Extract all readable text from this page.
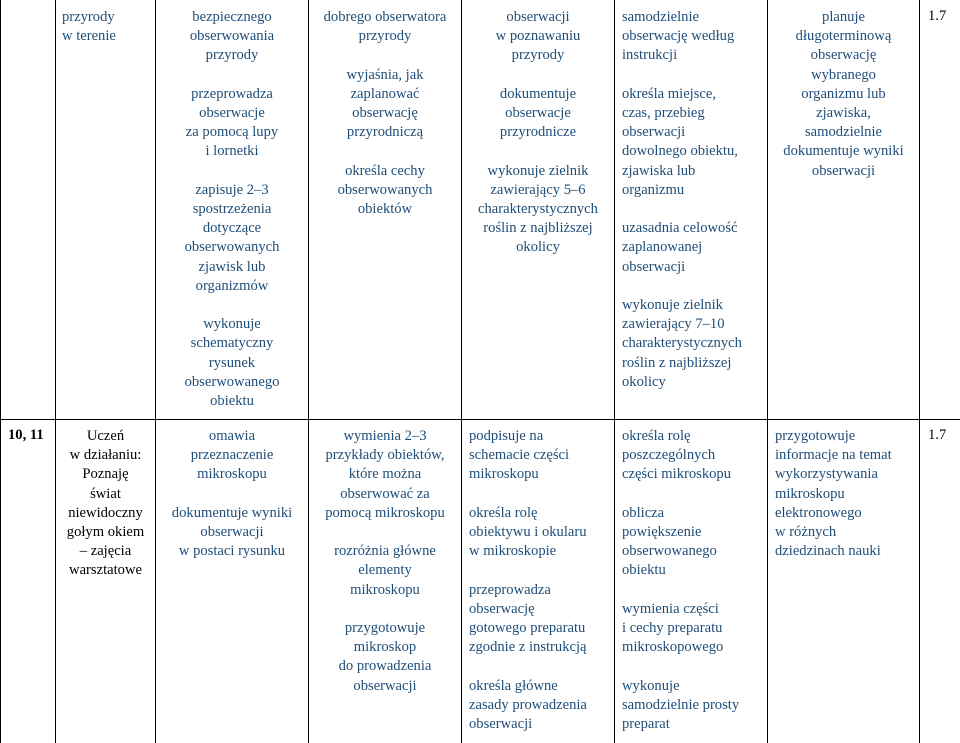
przyrody
w terenie

bezpiecznego
obserwowania
przyrody

przeprowadza
obserwacje
za pomocą lupy
i lornetki

zapisuje 2–3
spostrzeżenia
dotyczące
obserwowanych
zjawisk lub
organizmów

wykonuje
schematyczny
rysunek
obserwowanego
obiektu

dobrego obserwatora
przyrody

wyjaśnia, jak
zaplanować
obserwację
przyrodniczą

określa cechy
obserwowanych
obiektów

obserwacji
w poznawaniu
przyrody

dokumentuje
obserwacje
przyrodnicze

wykonuje zielnik
zawierający 5–6
charakterystycznych
roślin z najbliższej
okolicy

samodzielnie
obserwację według
instrukcji

określa miejsce,
czas, przebieg
obserwacji
dowolnego obiektu,
zjawiska lub
organizmu

uzasadnia celowość
zaplanowanej
obserwacji

wykonuje zielnik
zawierający 7–10
charakterystycznych
roślin z najbliższej
okolicy

planuje
długoterminową
obserwację
wybranego
organizmu lub
zjawiska,
samodzielnie
dokumentuje wyniki
obserwacji

1.7
10, 11	Uczeń
w działaniu:
Poznaję
świat
niewidoczny
gołym okiem
– zajęcia
warsztatowe

omawia
przeznaczenie
mikroskopu

dokumentuje wyniki
obserwacji
w postaci rysunku

wymienia 2–3
przykłady obiektów,
które można
obserwować za
pomocą mikroskopu

rozróżnia główne
elementy
mikroskopu

przygotowuje
mikroskop
do prowadzenia
obserwacji

podpisuje na
schemacie części
mikroskopu

określa rolę
obiektywu i okularu
w mikroskopie

przeprowadza
obserwację
gotowego preparatu
zgodnie z instrukcją

określa główne
zasady prowadzenia
obserwacji

określa rolę
poszczególnych
części mikroskopu

oblicza
powiększenie
obserwowanego
obiektu

wymienia części
i cechy preparatu
mikroskopowego

wykonuje
samodzielnie prosty
preparat

przygotowuje
informacje na temat
wykorzystywania
mikroskopu
elektronowego
w różnych
dziedzinach nauki

1.7
